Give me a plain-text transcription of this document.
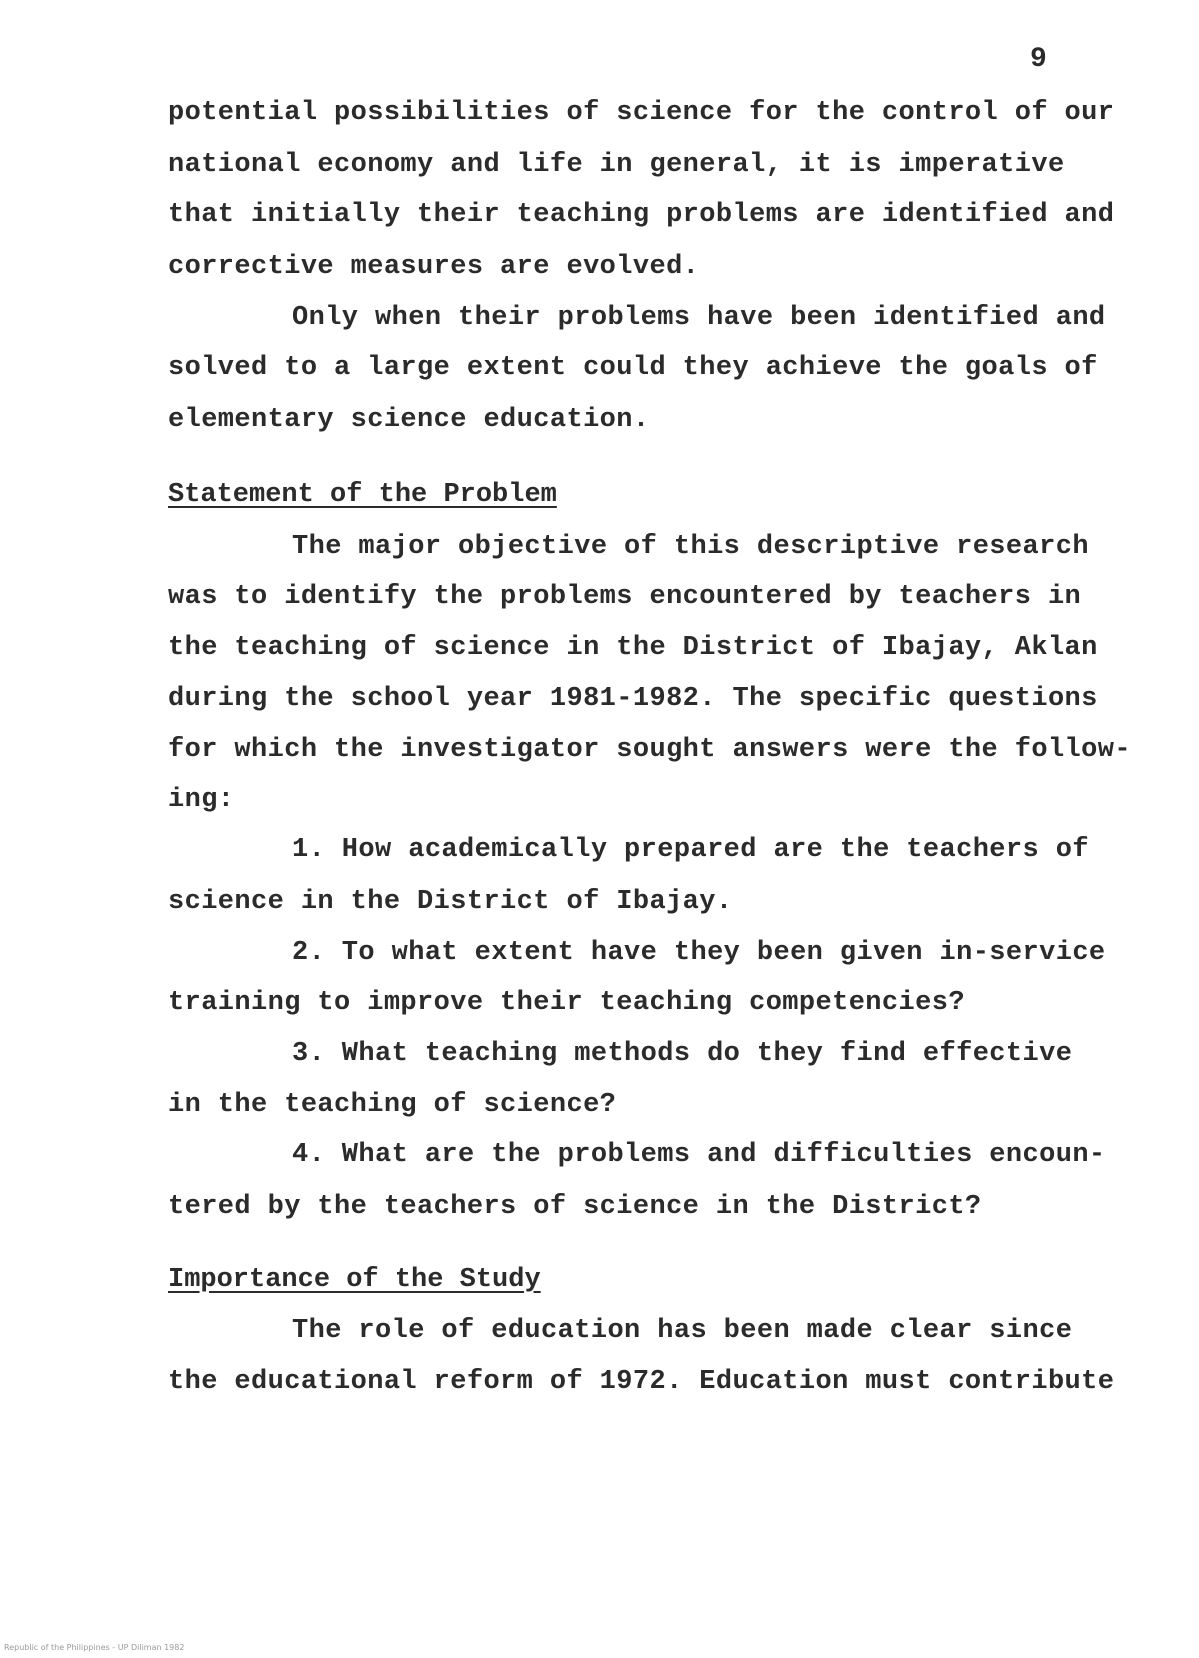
9
potential possibilities of science for the control of our
national economy and life in general, it is imperative
that initially their teaching problems are identified and
corrective measures are evolved.
Only when their problems have been identified and
solved to a large extent could they achieve the goals of
elementary science education.
Statement of the Problem
The major objective of this descriptive research
was to identify the problems encountered by teachers in
the teaching of science in the District of Ibajay, Aklan
during the school year 1981-1982. The specific questions
for which the investigator sought answers were the follow-
ing:
1. How academically prepared are the teachers of
science in the District of Ibajay.
2. To what extent have they been given in-service
training to improve their teaching competencies?
3. What teaching methods do they find effective
in the teaching of science?
4. What are the problems and difficulties encoun-
tered by the teachers of science in the District?
Importance of the Study
The role of education has been made clear since
the educational reform of 1972. Education must contribute
Republic of the Philippines - UP Diliman 1982
